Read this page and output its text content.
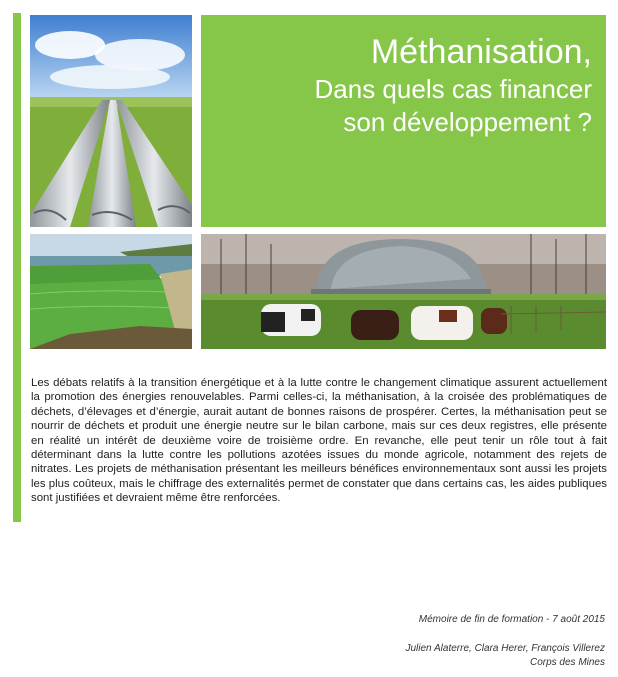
Méthanisation,
Dans quels cas financer
son développement ?
Les débats relatifs à la transition énergétique et à la lutte contre le changement climatique assurent actuellement la promotion des énergies renouvelables. Parmi celles-ci, la méthanisation, à la croisée des problématiques de déchets, d’élevages et d’énergie, aurait autant de bonnes raisons de prospérer. Certes, la méthanisation peut se nourrir de déchets et produit une énergie neutre sur le bilan carbone, mais sur ces deux registres, elle présente en réalité un intérêt de deuxième voire de troisième ordre. En revanche, elle peut tenir un rôle tout à fait déterminant dans la lutte contre les pollutions azotées issues du monde agricole, notamment des rejets de nitrates. Les projets de méthanisation présentant les meilleurs bénéfices environnementaux sont aussi les projets les plus coûteux, mais le chiffrage des externalités permet de constater que dans certains cas, les aides publiques sont justifiées et devraient même être renforcées.
Mémoire de fin de formation - 7 août 2015
Julien Alaterre, Clara Herer, François Villerez
Corps des Mines
